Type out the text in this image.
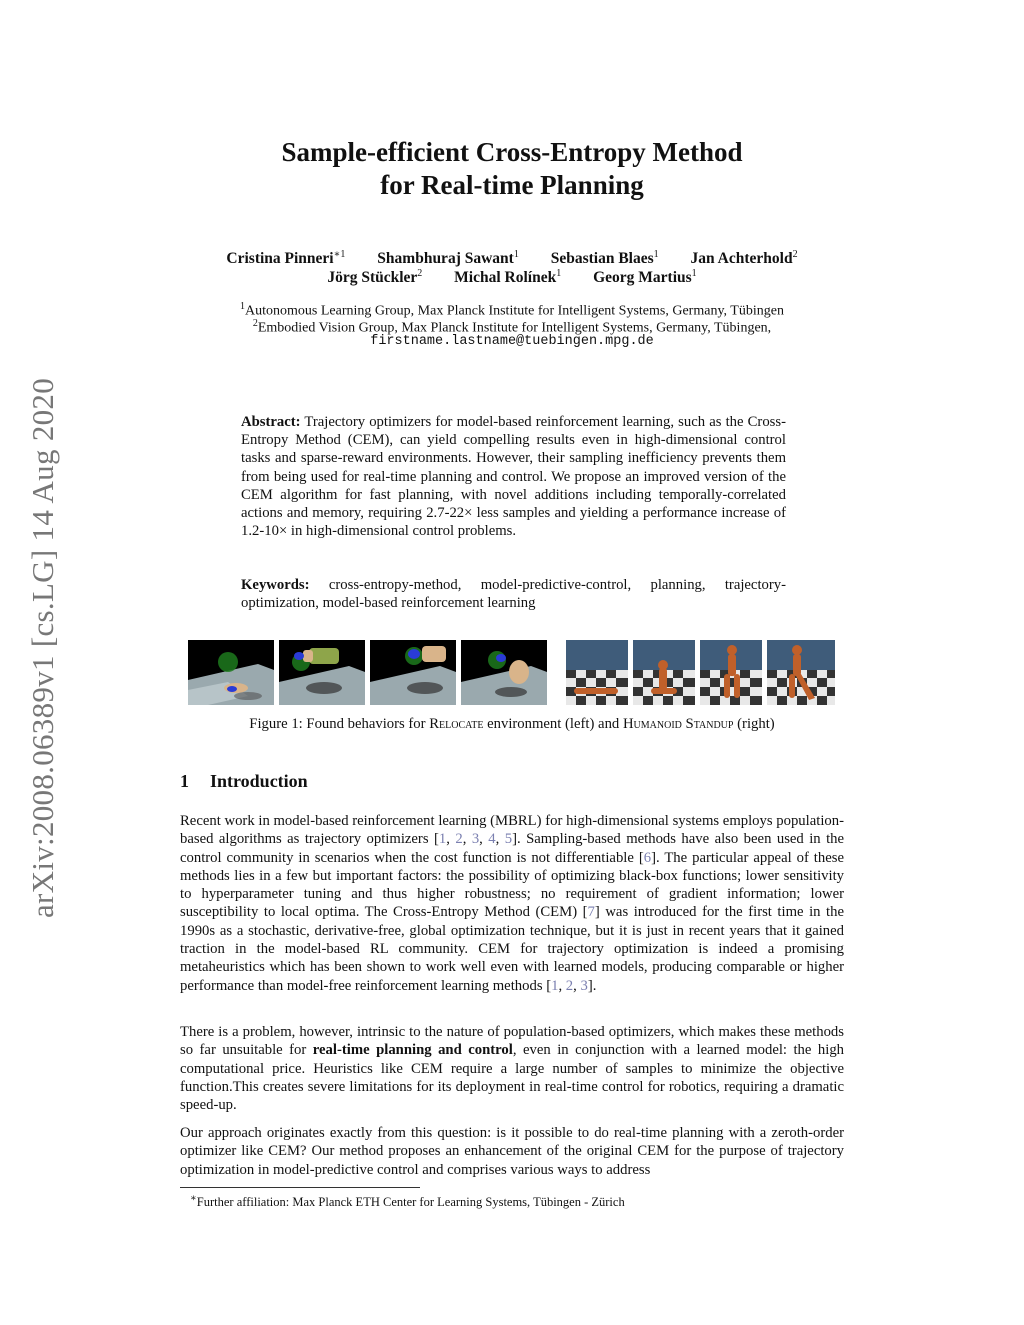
arXiv:2008.06389v1 [cs.LG] 14 Aug 2020
Sample-efficient Cross-Entropy Method
for Real-time Planning
Cristina Pinneri$^{∗1}$ Shambhuraj Sawant$^1$ Sebastian Blaes$^1$ Jan Achterhold$^2$
Jörg Stückler$^2$ Michal Rolínek$^1$ Georg Martius$^1$
$^1$Autonomous Learning Group, Max Planck Institute for Intelligent Systems, Germany, Tübingen
$^2$Embodied Vision Group, Max Planck Institute for Intelligent Systems, Germany, Tübingen,
firstname.lastname@tuebingen.mpg.de
Abstract: Trajectory optimizers for model-based reinforcement learning, such as the Cross-Entropy Method (CEM), can yield compelling results even in high-dimensional control tasks and sparse-reward environments. However, their sampling inefficiency prevents them from being used for real-time planning and control. We propose an improved version of the CEM algorithm for fast planning, with novel additions including temporally-correlated actions and memory, requiring 2.7-22× less samples and yielding a performance increase of 1.2-10× in high-dimensional control problems.
Keywords: cross-entropy-method, model-predictive-control, planning, trajectory-optimization, model-based reinforcement learning
Figure 1: Found behaviors for Relocate environment (left) and Humanoid Standup (right)
1 Introduction
Recent work in model-based reinforcement learning (MBRL) for high-dimensional systems employs population-based algorithms as trajectory optimizers [1, 2, 3, 4, 5]. Sampling-based methods have also been used in the control community in scenarios when the cost function is not differentiable [6]. The particular appeal of these methods lies in a few but important factors: the possibility of optimizing black-box functions; lower sensitivity to hyperparameter tuning and thus higher robustness; no requirement of gradient information; lower susceptibility to local optima. The Cross-Entropy Method (CEM) [7] was introduced for the first time in the 1990s as a stochastic, derivative-free, global optimization technique, but it is just in recent years that it gained traction in the model-based RL community. CEM for trajectory optimization is indeed a promising metaheuristics which has been shown to work well even with learned models, producing comparable or higher performance than model-free reinforcement learning methods [1, 2, 3].
There is a problem, however, intrinsic to the nature of population-based optimizers, which makes these methods so far unsuitable for real-time planning and control, even in conjunction with a learned model: the high computational price. Heuristics like CEM require a large number of samples to minimize the objective function.This creates severe limitations for its deployment in real-time control for robotics, requiring a dramatic speed-up.
Our approach originates exactly from this question: is it possible to do real-time planning with a zeroth-order optimizer like CEM? Our method proposes an enhancement of the original CEM for the purpose of trajectory optimization in model-predictive control and comprises various ways to address
∗Further affiliation: Max Planck ETH Center for Learning Systems, Tübingen - Zürich
